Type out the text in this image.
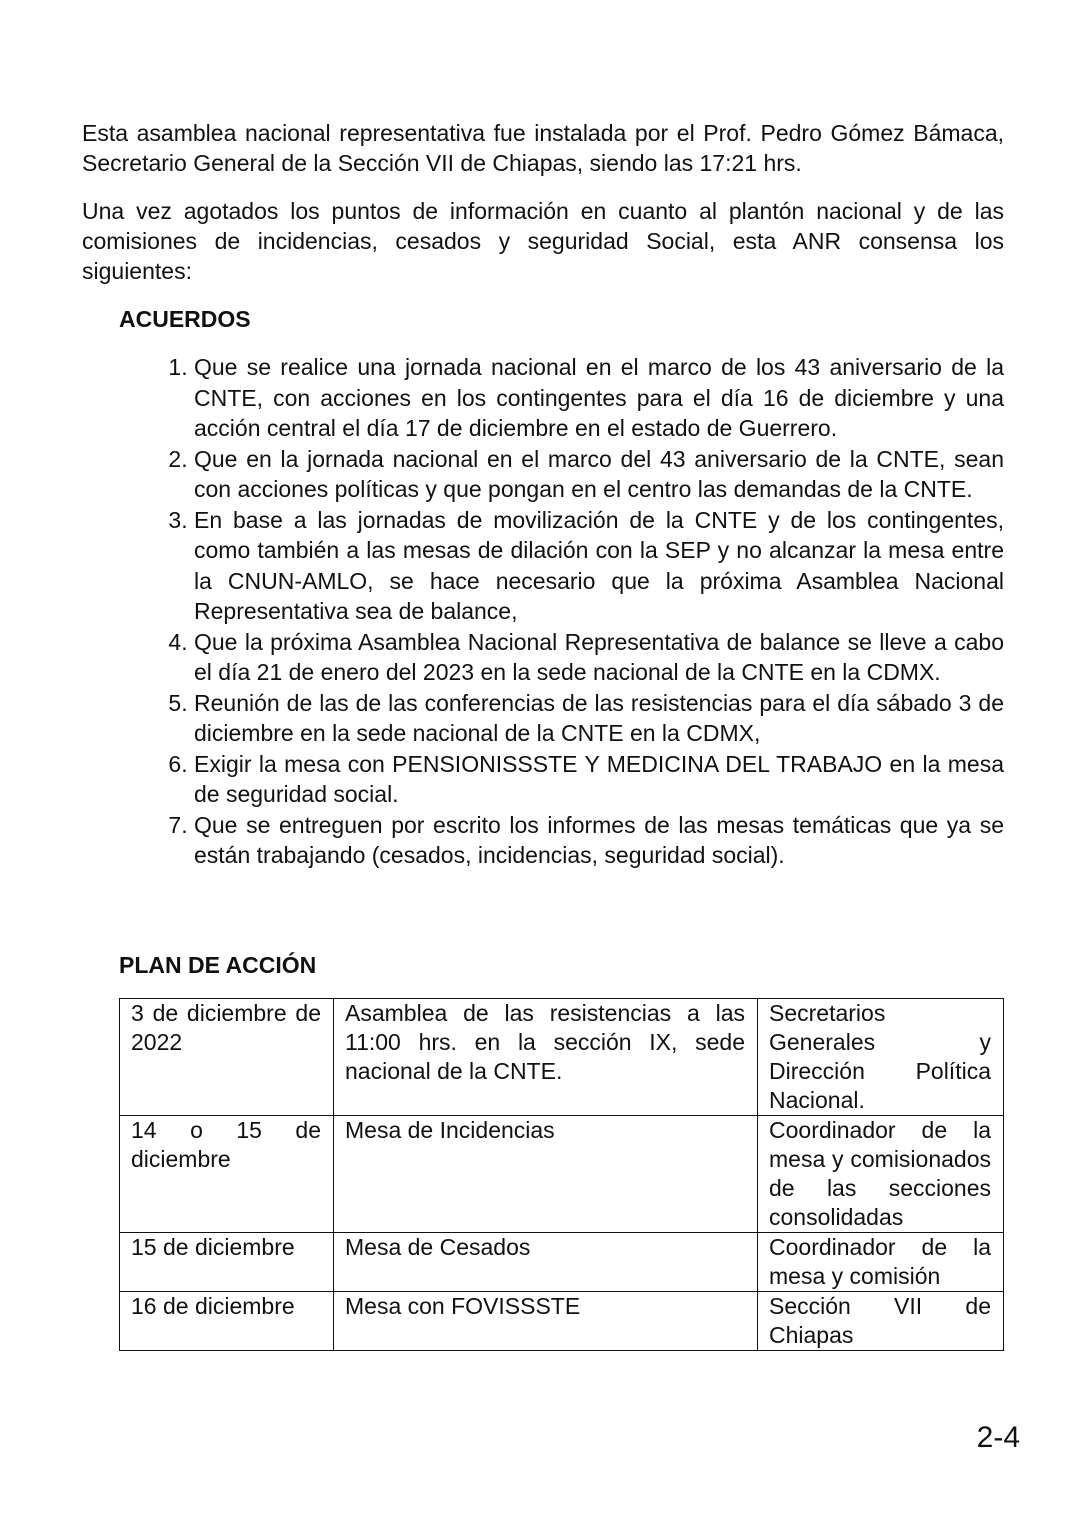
Esta asamblea nacional representativa fue instalada por el Prof. Pedro Gómez Bámaca, Secretario General de la Sección VII de Chiapas, siendo las 17:21 hrs.

Una vez agotados los puntos de información en cuanto al plantón nacional y de las comisiones de incidencias, cesados y seguridad Social, esta ANR consensa los siguientes:

ACUERDOS
1. Que se realice una jornada nacional en el marco de los 43 aniversario de la CNTE, con acciones en los contingentes para el día 16 de diciembre y una acción central el día 17 de diciembre en el estado de Guerrero.
2. Que en la jornada nacional en el marco del 43 aniversario de la CNTE, sean con acciones políticas y que pongan en el centro las demandas de la CNTE.
3. En base a las jornadas de movilización de la CNTE y de los contingentes, como también a las mesas de dilación con la SEP y no alcanzar la mesa entre la CNUN-AMLO, se hace necesario que la próxima Asamblea Nacional Representativa sea de balance,
4. Que la próxima Asamblea Nacional Representativa de balance se lleve a cabo el día 21 de enero del 2023 en la sede nacional de la CNTE en la CDMX.
5. Reunión de las de las conferencias de las resistencias para el día sábado 3 de diciembre en la sede nacional de la CNTE en la CDMX,
6. Exigir la mesa con PENSIONISSSTE Y MEDICINA DEL TRABAJO en la mesa de seguridad social.
7. Que se entreguen por escrito los informes de las mesas temáticas que ya se están trabajando (cesados, incidencias, seguridad social).
PLAN DE ACCIÓN
3 de diciembre de 2022	Asamblea de las resistencias a las 11:00 hrs. en la sección IX, sede nacional de la CNTE.	Secretarios Generales y Dirección Política Nacional.
14 o 15 de diciembre	Mesa de Incidencias	Coordinador de la mesa y comisionados de las secciones consolidadas
15 de diciembre	Mesa de Cesados	Coordinador de la mesa y comisión
16 de diciembre	Mesa con FOVISSSTE	Sección VII de Chiapas
2-4
